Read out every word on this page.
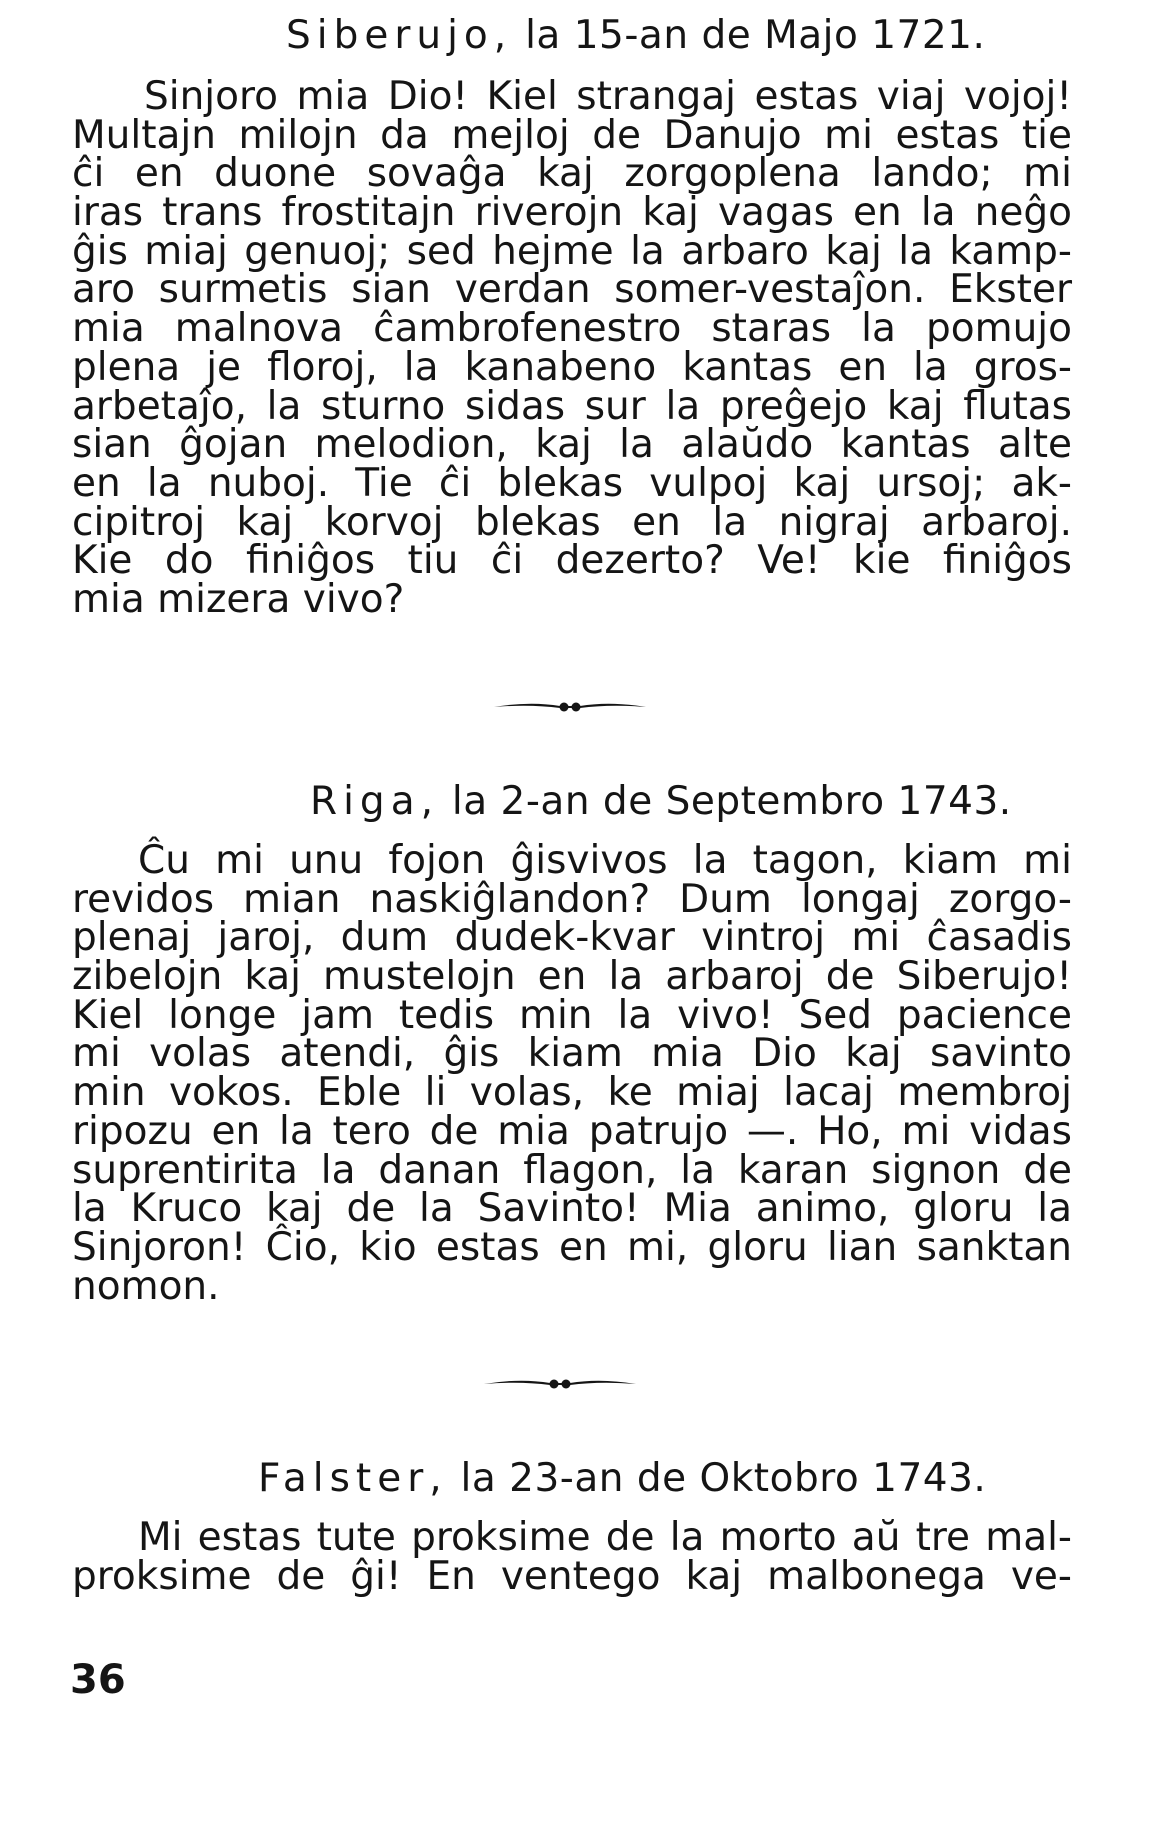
Siberujo, la 15-an de Majo 1721.
Sinjoro mia Dio! Kiel strangaj estas viaj vojoj!
Multajn milojn da mejloj de Danujo mi estas tie
ĉi en duone sovaĝa kaj zorgoplena lando; mi
iras trans frostitajn riverojn kaj vagas en la neĝo
ĝis miaj genuoj; sed hejme la arbaro kaj la kamp-
aro surmetis sian verdan somer-vestaĵon. Ekster
mia malnova ĉambrofenestro staras la pomujo
plena je floroj, la kanabeno kantas en la gros-
arbetaĵo, la sturno sidas sur la preĝejo kaj flutas
sian ĝojan melodion, kaj la alaŭdo kantas alte
en la nuboj. Tie ĉi blekas vulpoj kaj ursoj; ak-
cipitroj kaj korvoj blekas en la nigraj arbaroj.
Kie do finiĝos tiu ĉi dezerto? Ve! kie finiĝos
mia mizera vivo?
Riga, la 2-an de Septembro 1743.
Ĉu mi unu fojon ĝisvivos la tagon, kiam mi
revidos mian naskiĝlandon? Dum longaj zorgo-
plenaj jaroj, dum dudek-kvar vintroj mi ĉasadis
zibelojn kaj mustelojn en la arbaroj de Siberujo!
Kiel longe jam tedis min la vivo! Sed pacience
mi volas atendi, ĝis kiam mia Dio kaj savinto
min vokos. Eble li volas, ke miaj lacaj membroj
ripozu en la tero de mia patrujo —. Ho, mi vidas
suprentirita la danan flagon, la karan signon de
la Kruco kaj de la Savinto! Mia animo, gloru la
Sinjoron! Ĉio, kio estas en mi, gloru lian sanktan
nomon.
Falster, la 23-an de Oktobro 1743.
Mi estas tute proksime de la morto aŭ tre mal-
proksime de ĝi! En ventego kaj malbonega ve-
36
